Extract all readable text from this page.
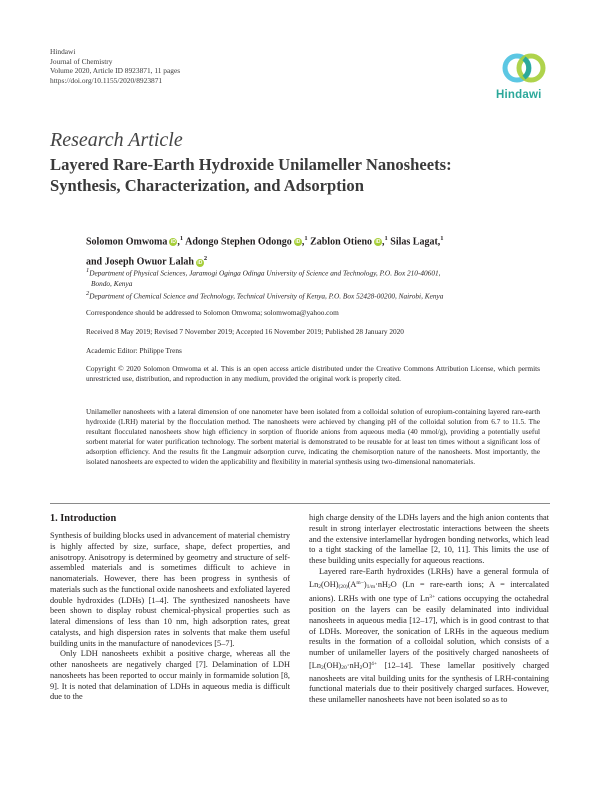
Hindawi
Journal of Chemistry
Volume 2020, Article ID 8923871, 11 pages
https://doi.org/10.1155/2020/8923871
Hindawi
Research Article
Layered Rare-Earth Hydroxide Unilameller Nanosheets:
Synthesis, Characterization, and Adsorption
Solomon Omwoma iD ,$^1$ Adongo Stephen Odongo iD ,$^1$ Zablon Otieno iD ,$^1$ Silas Lagat,$^1$
and Joseph Owuor Lalah $iD^2$
$^1$Department of Physical Sciences, Jaramogi Oginga Odinga University of Science and Technology, P.O. Box 210-40601,
Bondo, Kenya
$^2$Department of Chemical Science and Technology, Technical University of Kenya, P.O. Box 52428-00200, Nairobi, Kenya
Correspondence should be addressed to Solomon Omwoma; solomwoma@yahoo.com
Received 8 May 2019; Revised 7 November 2019; Accepted 16 November 2019; Published 28 January 2020
Academic Editor: Philippe Trens
Copyright © 2020 Solomon Omwoma et al. This is an open access article distributed under the Creative Commons Attribution License, which permits unrestricted use, distribution, and reproduction in any medium, provided the original work is properly cited.
Unilameller nanosheets with a lateral dimension of one nanometer have been isolated from a colloidal solution of europium-containing layered rare-earth hydroxide (LRH) material by the flocculation method. The nanosheets were achieved by changing pH of the colloidal solution from 6.7 to 11.5. The resultant flocculated nanosheets show high efficiency in sorption of fluoride anions from aqueous media (40 mmol/g), providing a potentially useful sorbent material for water purification technology. The sorbent material is demonstrated to be reusable for at least ten times without a significant loss of adsorption efficiency. And the results fit the Langmuir adsorption curve, indicating the chemisorption nature of the nanosheets. Most importantly, the isolated nanosheets are expected to widen the applicability and flexibility in material synthesis using two-dimensional nanomaterials.
1. Introduction

Synthesis of building blocks used in advancement of material chemistry is highly affected by size, surface, shape, defect properties, and anisotropy. Anisotropy is determined by geometry and structure of self-assembled materials and is sometimes difficult to achieve in nanomaterials. However, there has been progress in synthesis of materials such as the functional oxide nanosheets and exfoliated layered double hydroxides (LDHs) [1–4]. The synthesized nanosheets have been shown to display robust chemical-physical properties such as lateral dimensions of less than 10 nm, high adsorption rates, great catalysts, and high dispersion rates in solvents that make them useful building units in the manufacture of nanodevices [5–7].

Only LDH nanosheets exhibit a positive charge, whereas all the other nanosheets are negatively charged [7]. Delamination of LDH nanosheets has been reported to occur mainly in formamide solution [8, 9]. It is noted that delamination of LDHs in aqueous media is difficult due to the

high charge density of the LDHs layers and the high anion contents that result in strong interlayer electrostatic interactions between the sheets and the extensive interlamellar hydrogen bonding networks, which lead to a tight stacking of the lamellae [2, 10, 11]. This limits the use of these building units especially for aqueous reactions.

Layered rare-Earth hydroxides (LRHs) have a general formula of $Ln2(OH)(20)(A^{m-})1/m\cdot nH2O$ (Ln = rare-earth ions; A = intercalated anions). LRHs with one type of $Ln^{3+}$ cations occupying the octahedral position on the layers can be easily delaminated into individual nanosheets in aqueous media [12–17], which is in good contrast to that of LDHs. Moreover, the sonication of LRHs in the aqueous medium results in the formation of a colloidal solution, which consists of a number of unilameller layers of the positively charged nanosheets of $[Ln2(OH)20\cdot nH2O]^{4+}$ [12–14]. These lamellar positively charged nanosheets are vital building units for the synthesis of LRH-containing functional materials due to their positively charged surfaces. However, these unilameller nanosheets have not been isolated so as to
